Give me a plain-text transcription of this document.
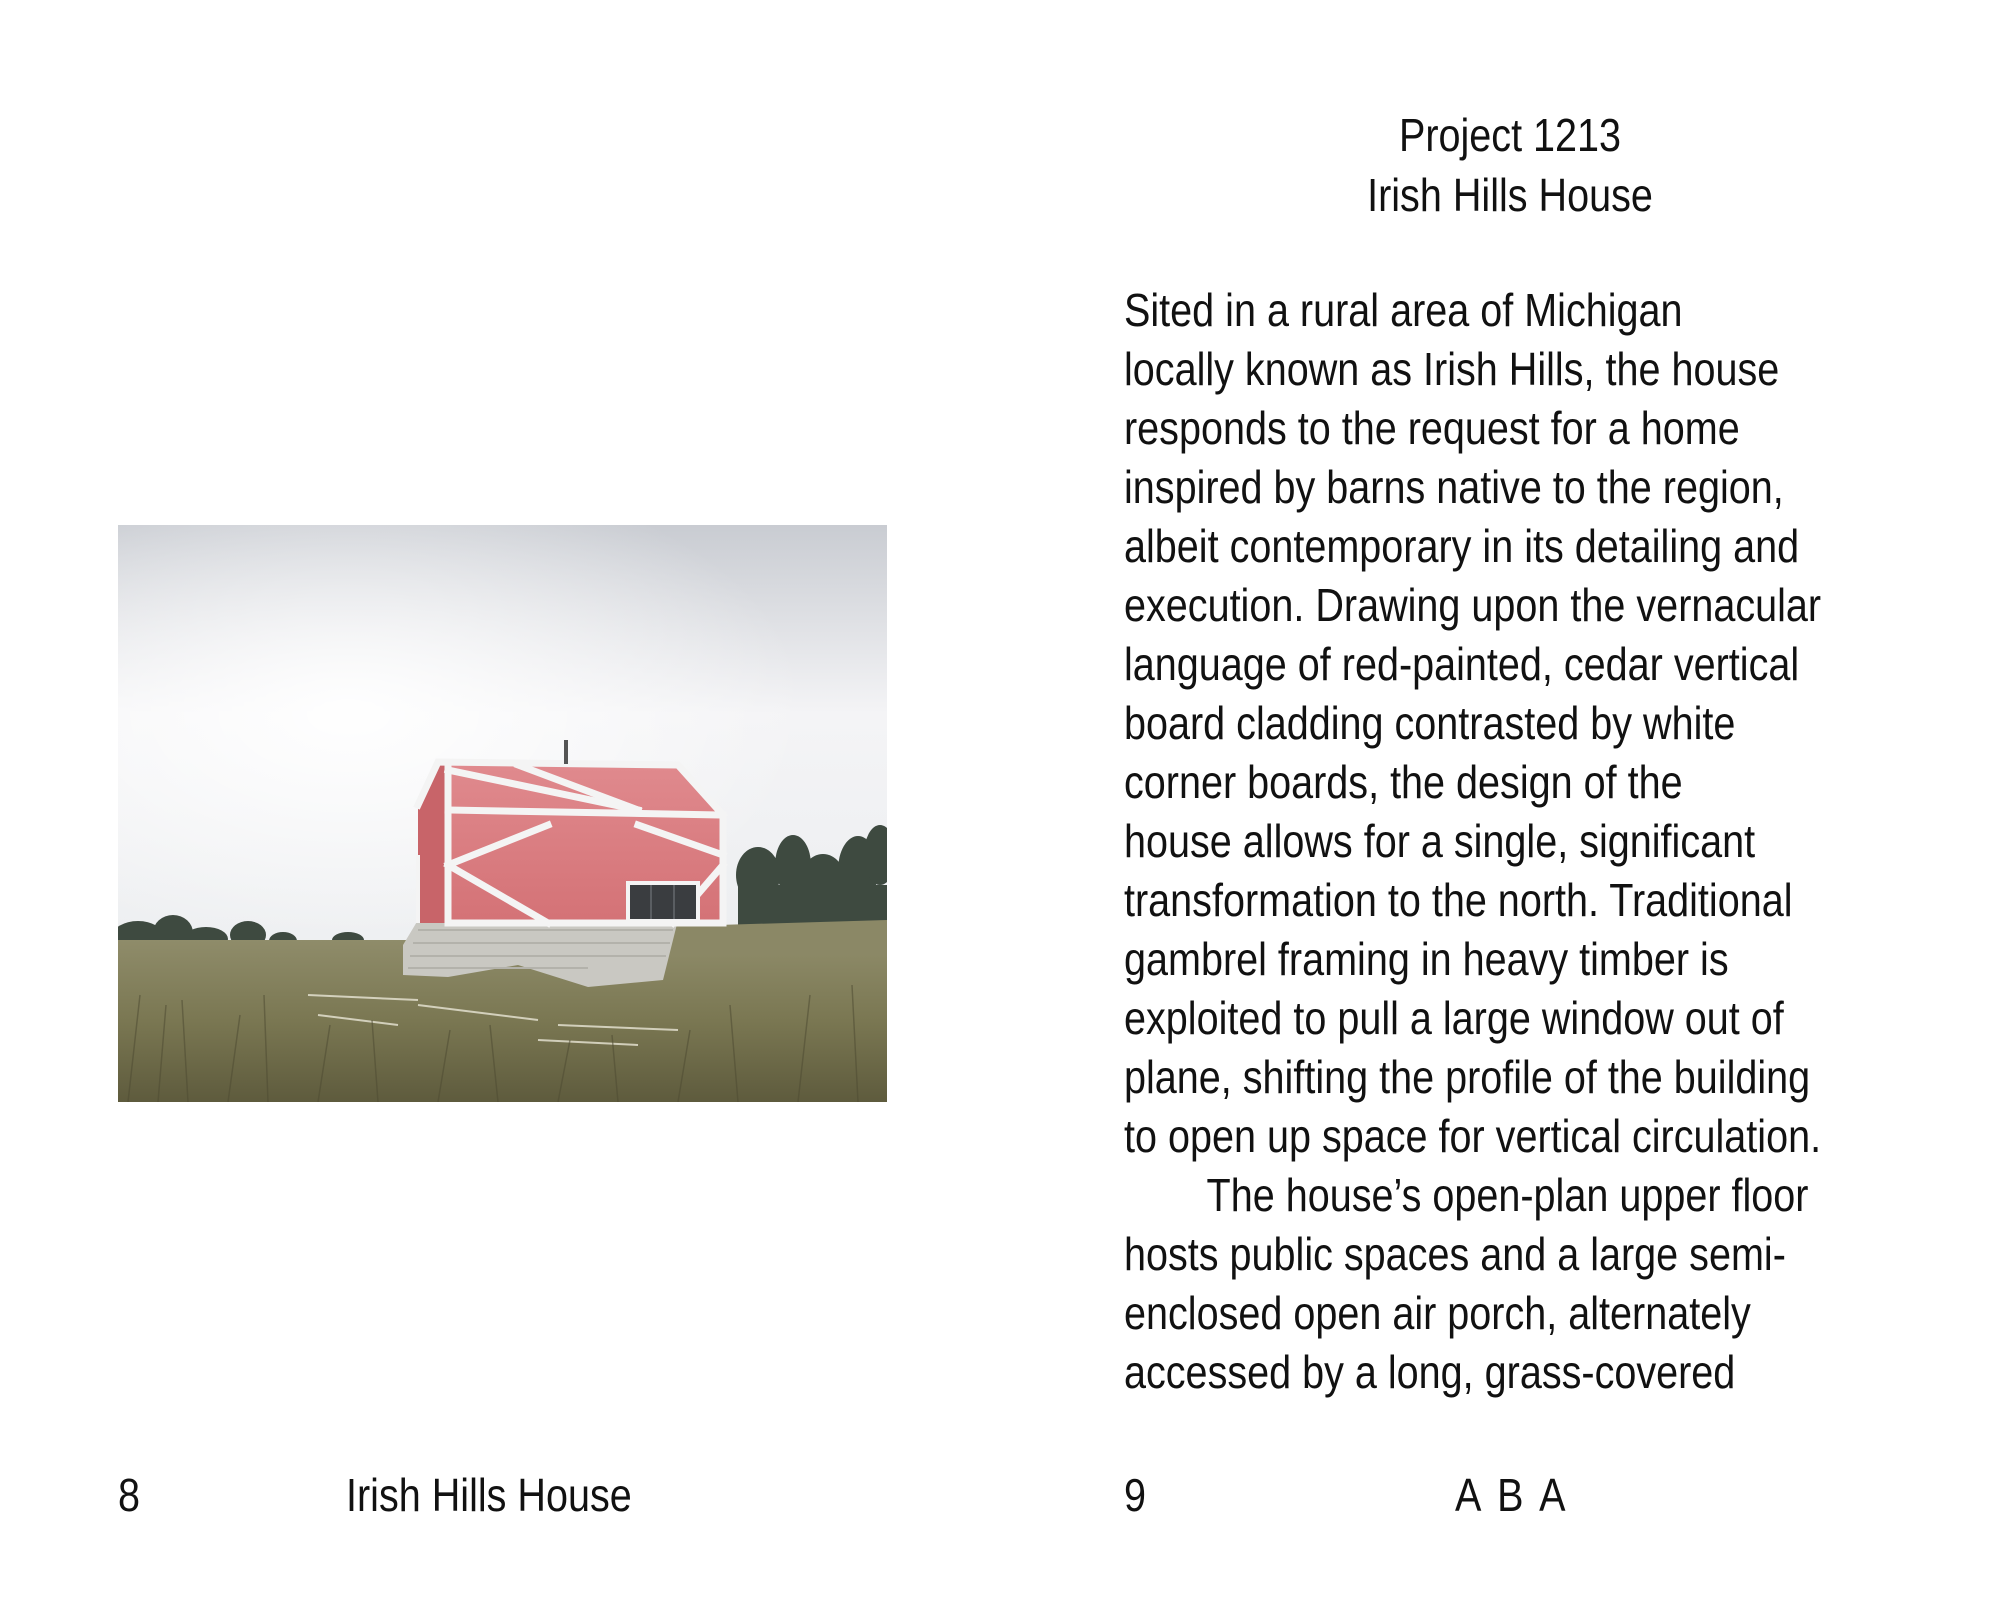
8	Irish Hills House
Project 1213
Irish Hills House
Sited in a rural area of Michigan
locally known as Irish Hills, the house
responds to the request for a home
inspired by barns native to the region,
albeit contemporary in its detailing and
execution. Drawing upon the vernacular
language of red-painted, cedar vertical
board cladding contrasted by white
corner boards, the design of the
house allows for a single, significant
transformation to the north. Traditional
gambrel framing in heavy timber is
exploited to pull a large window out of
plane, shifting the profile of the building
to open up space for vertical circulation.
The house’s open-plan upper floor
hosts public spaces and a large semi-
enclosed open air porch, alternately
accessed by a long, grass-covered
9	A B A
